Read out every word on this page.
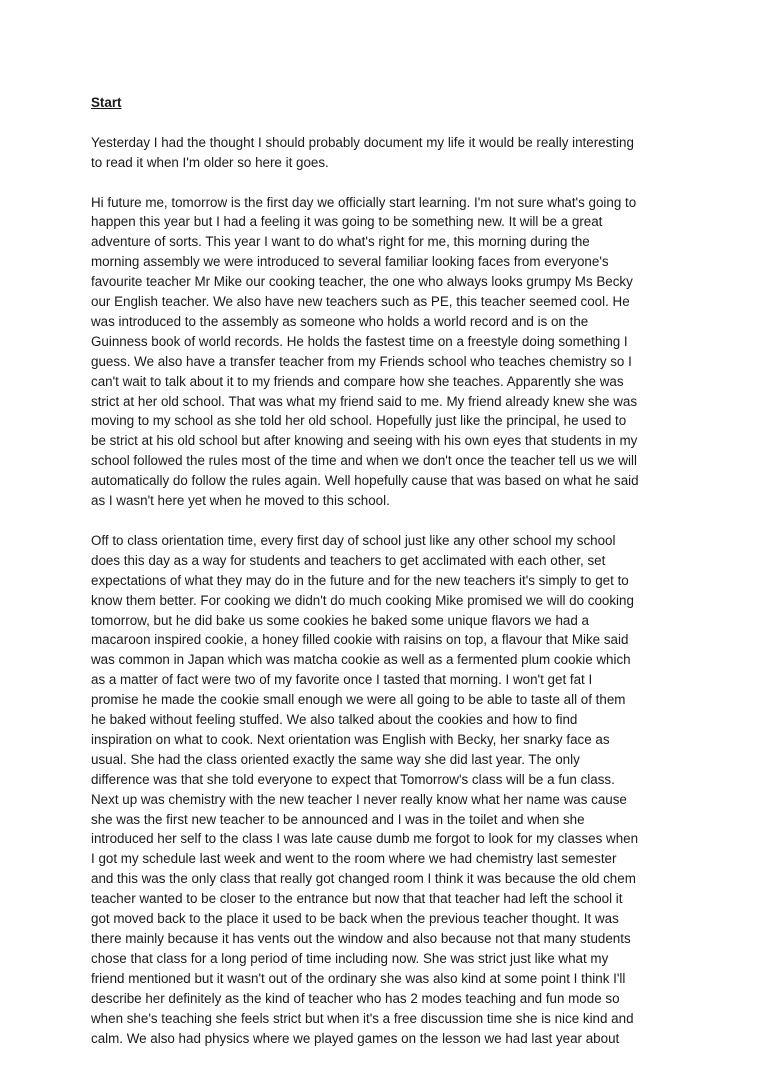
Start
Yesterday I had the thought I should probably document my life it would be really interesting
to read it when I'm older so here it goes.
Hi future me, tomorrow is the first day we officially start learning. I'm not sure what's going to
happen this year but I had a feeling it was going to be something new. It will be a great
adventure of sorts. This year I want to do what's right for me, this morning during the
morning assembly we were introduced to several familiar looking faces from everyone's
favourite teacher Mr Mike our cooking teacher, the one who always looks grumpy Ms Becky
our English teacher. We also have new teachers such as PE, this teacher seemed cool. He
was introduced to the assembly as someone who holds a world record and is on the
Guinness book of world records. He holds the fastest time on a freestyle doing something I
guess. We also have a transfer teacher from my Friends school who teaches chemistry so I
can't wait to talk about it to my friends and compare how she teaches. Apparently she was
strict at her old school. That was what my friend said to me. My friend already knew she was
moving to my school as she told her old school. Hopefully just like the principal, he used to
be strict at his old school but after knowing and seeing with his own eyes that students in my
school followed the rules most of the time and when we don't once the teacher tell us we will
automatically do follow the rules again. Well hopefully cause that was based on what he said
as I wasn't here yet when he moved to this school.
Off to class orientation time, every first day of school just like any other school my school
does this day as a way for students and teachers to get acclimated with each other, set
expectations of what they may do in the future and for the new teachers it's simply to get to
know them better. For cooking we didn't do much cooking Mike promised we will do cooking
tomorrow, but he did bake us some cookies he baked some unique flavors we had a
macaroon inspired cookie, a honey filled cookie with raisins on top, a flavour that Mike said
was common in Japan which was matcha cookie as well as a fermented plum cookie which
as a matter of fact were two of my favorite once I tasted that morning. I won't get fat I
promise he made the cookie small enough we were all going to be able to taste all of them
he baked without feeling stuffed. We also talked about the cookies and how to find
inspiration on what to cook. Next orientation was English with Becky, her snarky face as
usual. She had the class oriented exactly the same way she did last year. The only
difference was that she told everyone to expect that Tomorrow's class will be a fun class.
Next up was chemistry with the new teacher I never really know what her name was cause
she was the first new teacher to be announced and I was in the toilet and when she
introduced her self to the class I was late cause dumb me forgot to look for my classes when
I got my schedule last week and went to the room where we had chemistry last semester
and this was the only class that really got changed room I think it was because the old chem
teacher wanted to be closer to the entrance but now that that teacher had left the school it
got moved back to the place it used to be back when the previous teacher thought. It was
there mainly because it has vents out the window and also because not that many students
chose that class for a long period of time including now. She was strict just like what my
friend mentioned but it wasn't out of the ordinary she was also kind at some point I think I'll
describe her definitely as the kind of teacher who has 2 modes teaching and fun mode so
when she's teaching she feels strict but when it's a free discussion time she is nice kind and
calm. We also had physics where we played games on the lesson we had last year about
